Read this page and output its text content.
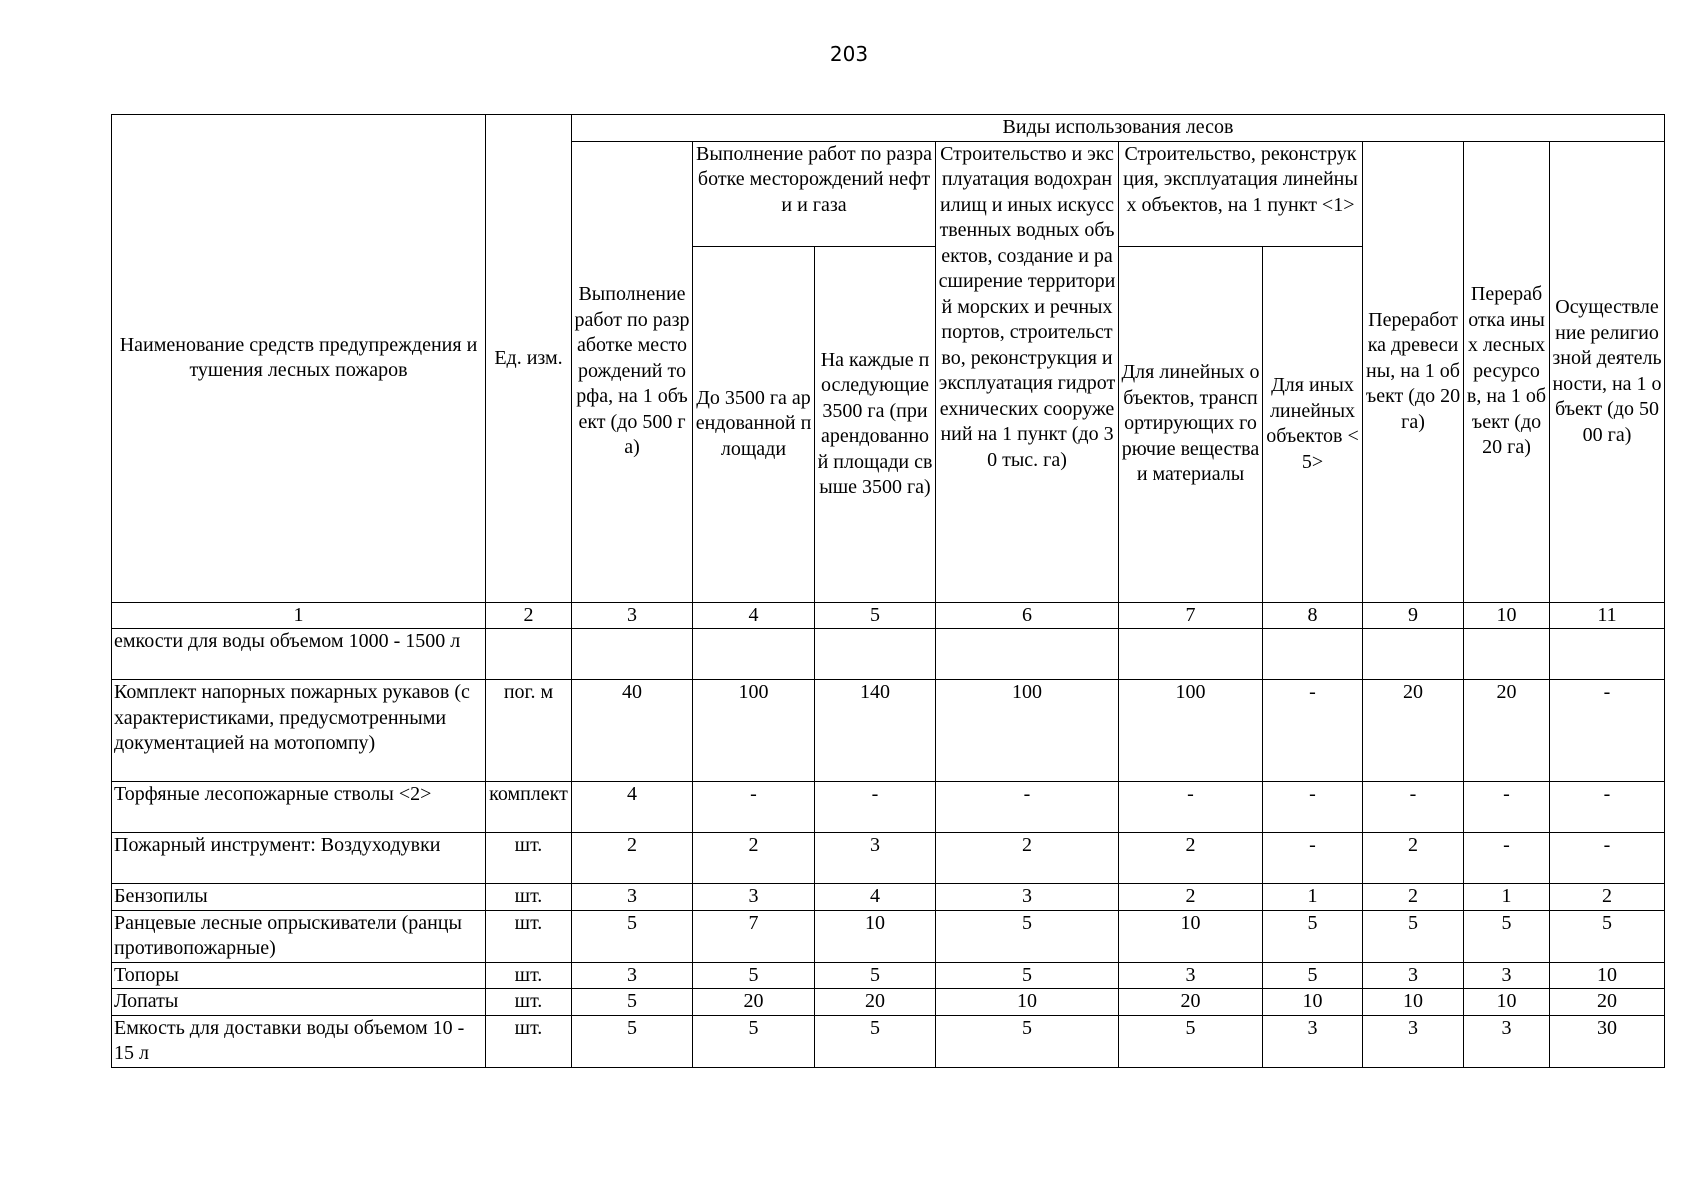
203
Наименование средств предупреждения и тушения лесных пожаров	Ед. изм.	Виды использования лесов								
		Выполнение работ по разработке месторождений торфа, на 1 объект (до 500 га)	Выполнение работ по разработке месторождений нефти и газа		Строительство и эксплуатация водохранилищ и иных искусственных водных объектов, создание и расширение территорий морских и речных портов, строительство, реконструкция и эксплуатация гидротехнических сооружений на 1 пункт (до 30 тыс. га)	Строительство, реконструкция, эксплуатация линейных объектов, на 1 пункт <1>		Переработка древесины, на 1 объект (до 20 га)	Переработка иных лесных ресурсов, на 1 объект (до 20 га)	Осуществление религиозной деятельности, на 1 объект (до 5000 га)
			До 3500 га арендованной площади	На каждые последующие 3500 га (при арендованной площади свыше 3500 га)		Для линейных объектов, транспортирующих горючие вещества и материалы	Для иных линейных объектов <5>			

1	2	3	4	5	6	7	8	9	10	11
емкости для воды объемом 1000 - 1500 л										
Комплект напорных пожарных рукавов (с характеристиками, предусмотренными документацией на мотопомпу)	пог. м	40	100	140	100	100	-	20	20	-
Торфяные лесопожарные стволы <2>	комплект	4	-	-	-	-	-	-	-	-
Пожарный инструмент: Воздуходувки	шт.	2	2	3	2	2	-	2	-	-
Бензопилы	шт.	3	3	4	3	2	1	2	1	2
Ранцевые лесные опрыскиватели (ранцы противопожарные)	шт.	5	7	10	5	10	5	5	5	5
Топоры	шт.	3	5	5	5	3	5	3	3	10
Лопаты	шт.	5	20	20	10	20	10	10	10	20
Емкость для доставки воды объемом 10 - 15 л	шт.	5	5	5	5	5	3	3	3	30
